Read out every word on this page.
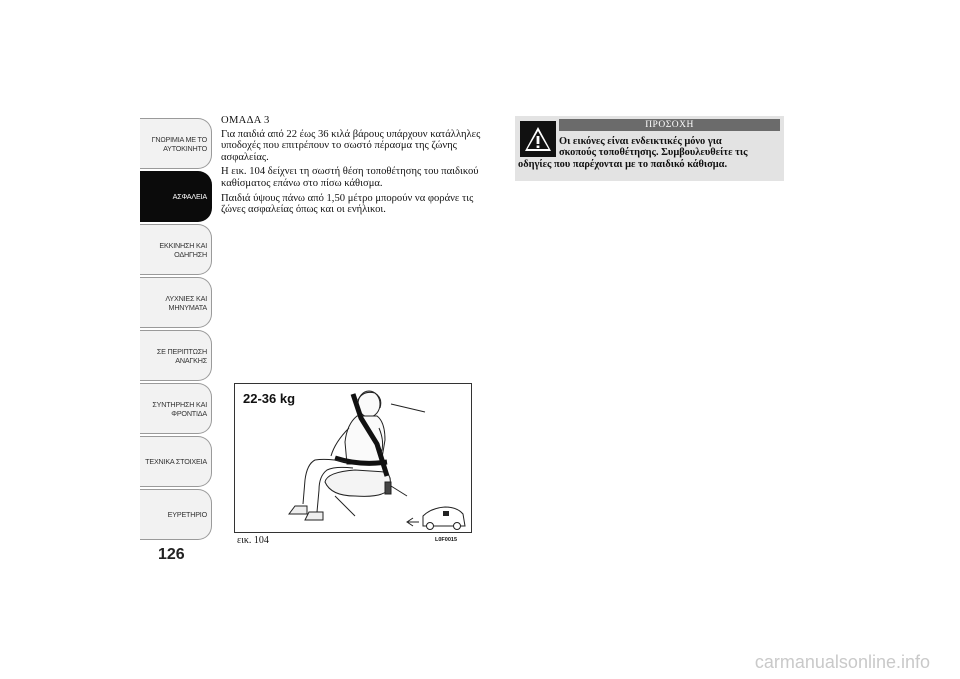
ΓΝΩΡΙΜΙΑ ΜΕ ΤΟ
ΑΥΤΟΚΙΝΗΤΟ
ΑΣΦΑΛΕΙΑ
ΕΚΚΙΝΗΣΗ ΚΑΙ
ΟΔΗΓΗΣΗ
ΛΥΧΝΙΕΣ ΚΑΙ
ΜΗΝΥΜΑΤΑ
ΣΕ ΠΕΡΙΠΤΩΣΗ
ΑΝΑΓΚΗΣ
ΣΥΝΤΗΡΗΣΗ ΚΑΙ
ΦΡΟΝΤΙΔΑ
ΤΕΧΝΙΚΑ ΣΤΟΙΧΕΙΑ
ΕΥΡΕΤΗΡΙΟ
126
ΟΜΑΔΑ 3

Για παιδιά από 22 έως 36 κιλά βάρους υπάρχουν κατάλληλες υποδοχές που επιτρέπουν το σωστό πέρασμα της ζώνης ασφαλείας.

Η εικ. 104 δείχνει τη σωστή θέση τοποθέτησης του παιδικού καθίσματος επάνω στο πίσω κάθισμα.

Παιδιά ύψους πάνω από 1,50 μέτρο μπορούν να φοράνε τις ζώνες ασφαλείας όπως και οι ενήλικοι.

22-36 kg
εικ. 104	L0F0015
ΠΡΟΣΟΧΗ
Οι εικόνες είναι ενδεικτικές μόνο για
σκοπούς τοποθέτησης. Συμβουλευθείτε τις
οδηγίες που παρέχονται με το παιδικό κάθισμα.
carmanualsonline.info
